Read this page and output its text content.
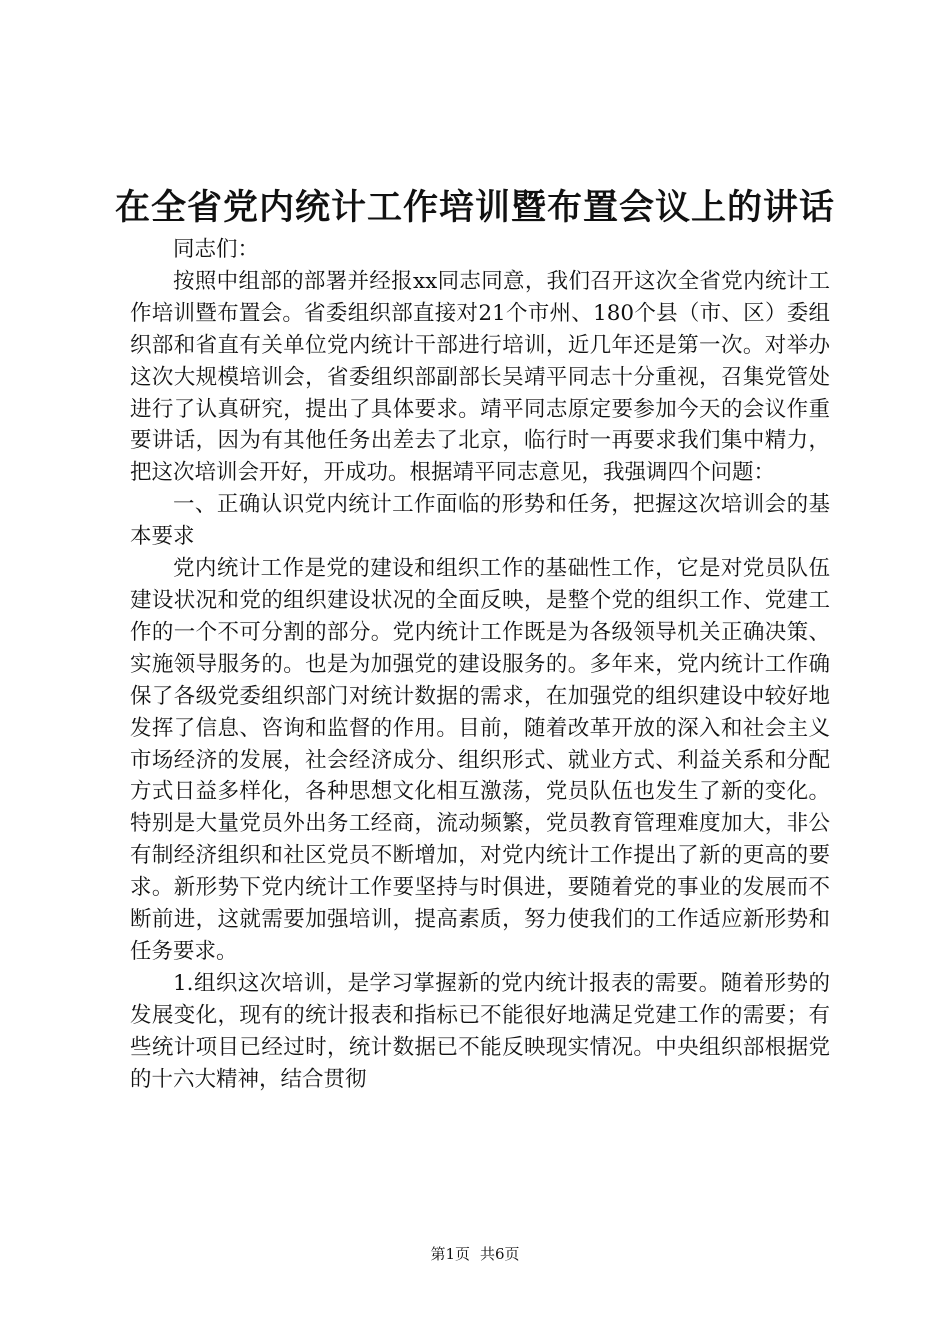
在全省党内统计工作培训暨布置会议上的讲话

同志们：

按照中组部的部署并经报xx同志同意，我们召开这次全省党内统计工作培训暨布置会。省委组织部直接对21个市州、180个县（市、区）委组织部和省直有关单位党内统计干部进行培训，近几年还是第一次。对举办这次大规模培训会，省委组织部副部长吴靖平同志十分重视，召集党管处进行了认真研究，提出了具体要求。靖平同志原定要参加今天的会议作重要讲话，因为有其他任务出差去了北京，临行时一再要求我们集中精力，把这次培训会开好，开成功。根据靖平同志意见，我强调四个问题：

一、正确认识党内统计工作面临的形势和任务，把握这次培训会的基本要求

党内统计工作是党的建设和组织工作的基础性工作，它是对党员队伍建设状况和党的组织建设状况的全面反映，是整个党的组织工作、党建工作的一个不可分割的部分。党内统计工作既是为各级领导机关正确决策、实施领导服务的。也是为加强党的建设服务的。多年来，党内统计工作确保了各级党委组织部门对统计数据的需求，在加强党的组织建设中较好地发挥了信息、咨询和监督的作用。目前，随着改革开放的深入和社会主义市场经济的发展，社会经济成分、组织形式、就业方式、利益关系和分配方式日益多样化，各种思想文化相互激荡，党员队伍也发生了新的变化。特别是大量党员外出务工经商，流动频繁，党员教育管理难度加大，非公有制经济组织和社区党员不断增加，对党内统计工作提出了新的更高的要求。新形势下党内统计工作要坚持与时俱进，要随着党的事业的发展而不断前进，这就需要加强培训，提高素质，努力使我们的工作适应新形势和任务要求。

1.组织这次培训，是学习掌握新的党内统计报表的需要。随着形势的发展变化，现有的统计报表和指标已不能很好地满足党建工作的需要；有些统计项目已经过时，统计数据已不能反映现实情况。中央组织部根据党的十六大精神，结合贯彻

第1页 共6页
